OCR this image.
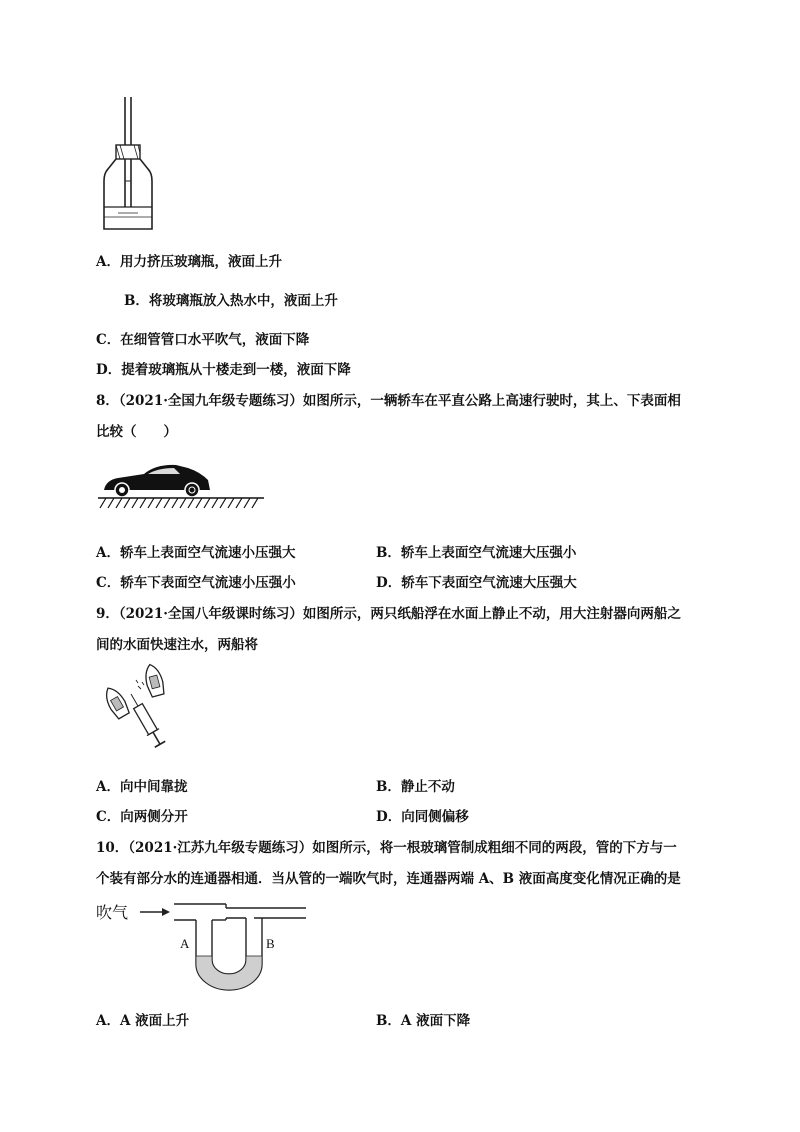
A．用力挤压玻璃瓶，液面上升
B．将玻璃瓶放入热水中，液面上升
C．在细管管口水平吹气，液面下降
D．提着玻璃瓶从十楼走到一楼，液面下降
8．（2021·全国九年级专题练习）如图所示，一辆轿车在平直公路上高速行驶时，其上、下表面相
比较（　　）
A．轿车上表面空气流速小压强大	B．轿车上表面空气流速大压强小
C．轿车下表面空气流速小压强小	D．轿车下表面空气流速大压强大
9．（2021·全国八年级课时练习）如图所示，两只纸船浮在水面上静止不动，用大注射器向两船之
间的水面快速注水，两船将
A．向中间靠拢	B．静止不动
C．向两侧分开	D．向同侧偏移
10．（2021·江苏九年级专题练习）如图所示，将一根玻璃管制成粗细不同的两段，管的下方与一
个装有部分水的连通器相通．当从管的一端吹气时，连通器两端 A、B 液面高度变化情况正确的是
吹气
A	B
A．A 液面上升	B．A 液面下降
